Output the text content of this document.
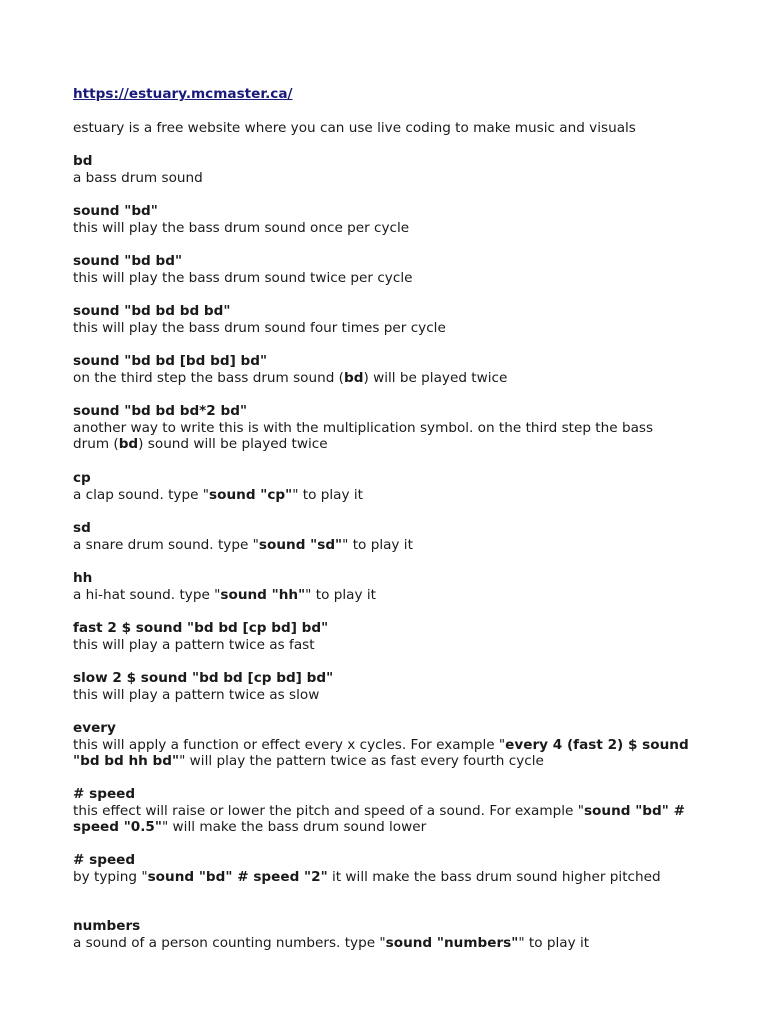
https://estuary.mcmaster.ca/
estuary is a free website where you can use live coding to make music and visuals
bd
a bass drum sound
sound "bd"
this will play the bass drum sound once per cycle
sound "bd bd"
this will play the bass drum sound twice per cycle
sound "bd bd bd bd"
this will play the bass drum sound four times per cycle
sound "bd bd [bd bd] bd"
on the third step the bass drum sound (bd) will be played twice
sound "bd bd bd*2 bd"
another way to write this is with the multiplication symbol. on the third step the bass drum (bd) sound will be played twice
cp
a clap sound. type "sound "cp"" to play it
sd
a snare drum sound. type "sound "sd"" to play it
hh
a hi-hat sound. type "sound "hh"" to play it
fast 2 $ sound "bd bd [cp bd] bd"
this will play a pattern twice as fast
slow 2 $ sound "bd bd [cp bd] bd"
this will play a pattern twice as slow
every
this will apply a function or effect every x cycles. For example "every 4 (fast 2) $ sound "bd bd hh bd"" will play the pattern twice as fast every fourth cycle
# speed
this effect will raise or lower the pitch and speed of a sound. For example "sound "bd" # speed "0.5"" will make the bass drum sound lower
# speed
by typing "sound "bd" # speed "2" it will make the bass drum sound higher pitched
numbers
a sound of a person counting numbers. type "sound "numbers"" to play it
